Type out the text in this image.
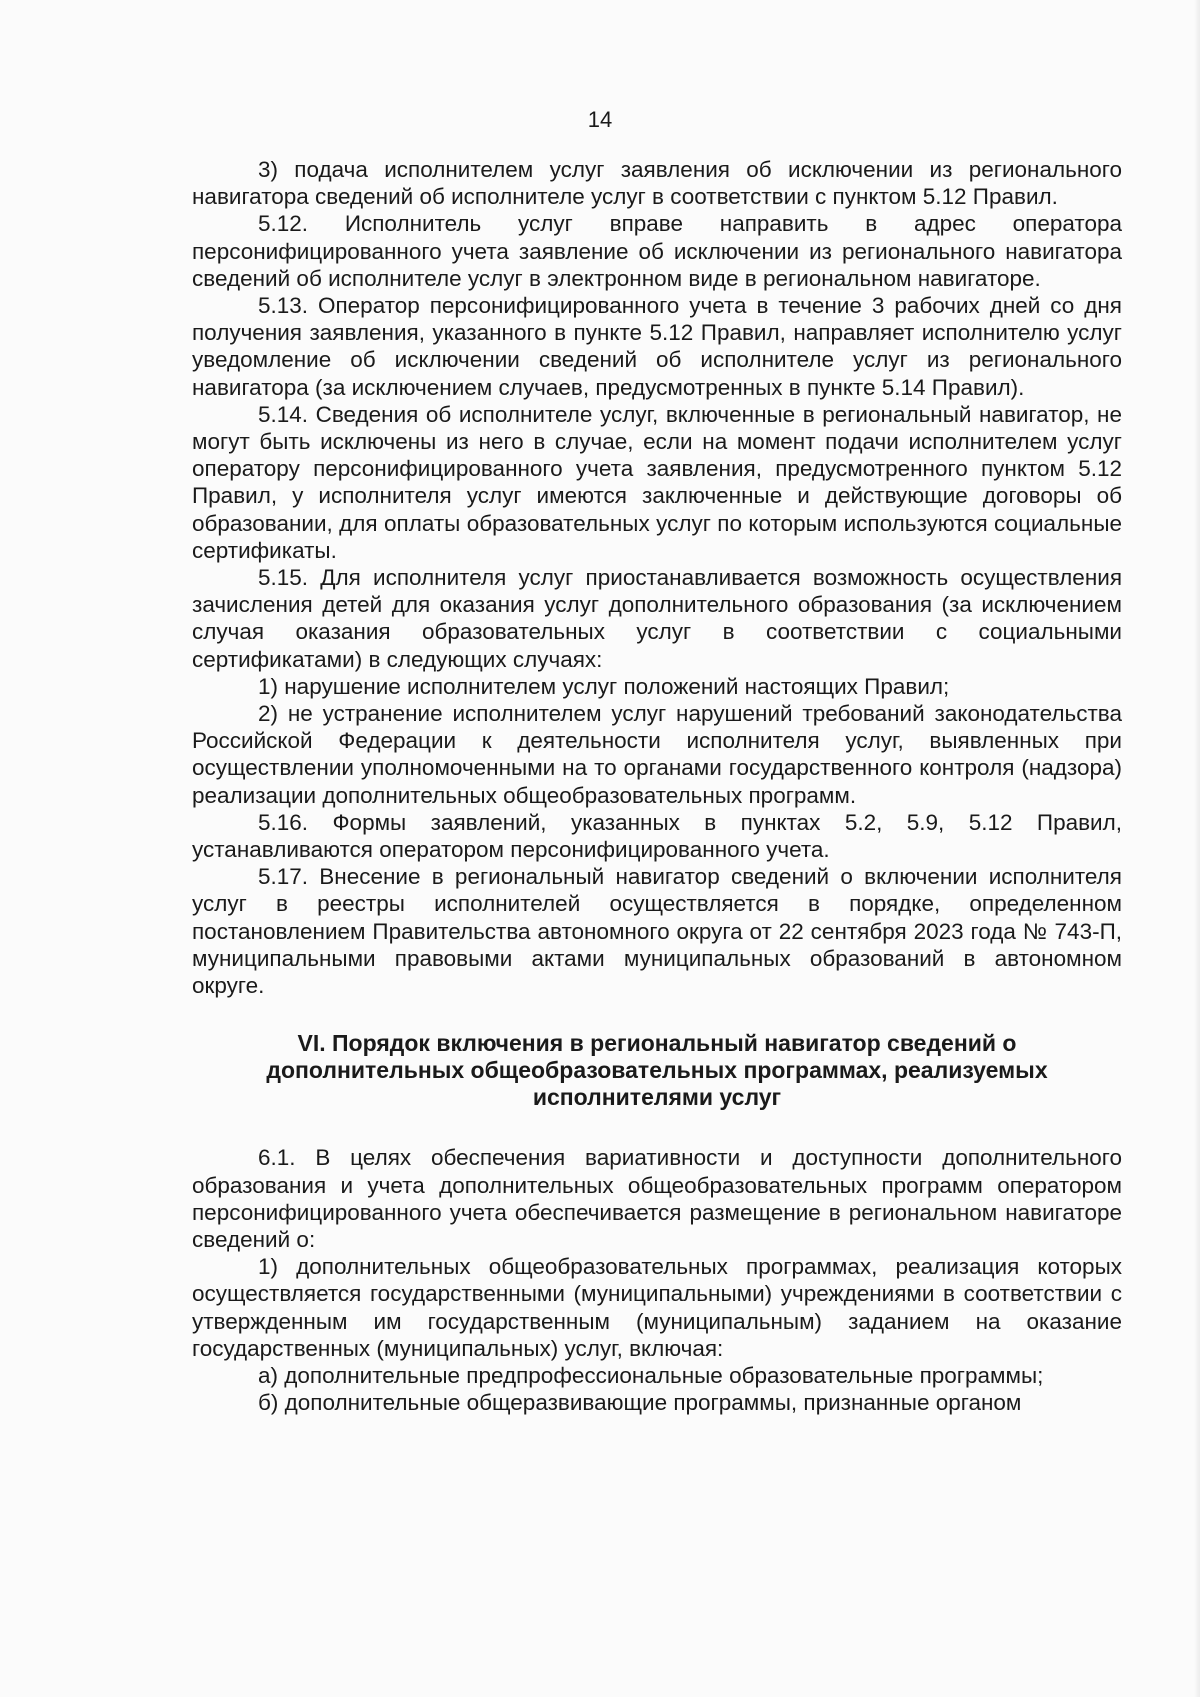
14

3) подача исполнителем услуг заявления об исключении из регионального навигатора сведений об исполнителе услуг в соответствии с пунктом 5.12 Правил.

5.12. Исполнитель услуг вправе направить в адрес оператора персонифицированного учета заявление об исключении из регионального навигатора сведений об исполнителе услуг в электронном виде в региональном навигаторе.

5.13. Оператор персонифицированного учета в течение 3 рабочих дней со дня получения заявления, указанного в пункте 5.12 Правил, направляет исполнителю услуг уведомление об исключении сведений об исполнителе услуг из регионального навигатора (за исключением случаев, предусмотренных в пункте 5.14 Правил).

5.14. Сведения об исполнителе услуг, включенные в региональный навигатор, не могут быть исключены из него в случае, если на момент подачи исполнителем услуг оператору персонифицированного учета заявления, предусмотренного пунктом 5.12 Правил, у исполнителя услуг имеются заключенные и действующие договоры об образовании, для оплаты образовательных услуг по которым используются социальные сертификаты.

5.15. Для исполнителя услуг приостанавливается возможность осуществления зачисления детей для оказания услуг дополнительного образования (за исключением случая оказания образовательных услуг в соответствии с социальными сертификатами) в следующих случаях:

1) нарушение исполнителем услуг положений настоящих Правил;

2) не устранение исполнителем услуг нарушений требований законодательства Российской Федерации к деятельности исполнителя услуг, выявленных при осуществлении уполномоченными на то органами государственного контроля (надзора) реализации дополнительных общеобразовательных программ.

5.16. Формы заявлений, указанных в пунктах 5.2, 5.9, 5.12 Правил, устанавливаются оператором персонифицированного учета.

5.17. Внесение в региональный навигатор сведений о включении исполнителя услуг в реестры исполнителей осуществляется в порядке, определенном постановлением Правительства автономного округа от 22 сентября 2023 года № 743-П, муниципальными правовыми актами муниципальных образований в автономном округе.

VI. Порядок включения в региональный навигатор сведений о дополнительных общеобразовательных программах, реализуемых исполнителями услуг

6.1. В целях обеспечения вариативности и доступности дополнительного образования и учета дополнительных общеобразовательных программ оператором персонифицированного учета обеспечивается размещение в региональном навигаторе сведений о:

1) дополнительных общеобразовательных программах, реализация которых осуществляется государственными (муниципальными) учреждениями в соответствии с утвержденным им государственным (муниципальным) заданием на оказание государственных (муниципальных) услуг, включая:

а) дополнительные предпрофессиональные образовательные программы;

б) дополнительные общеразвивающие программы, признанные органом
